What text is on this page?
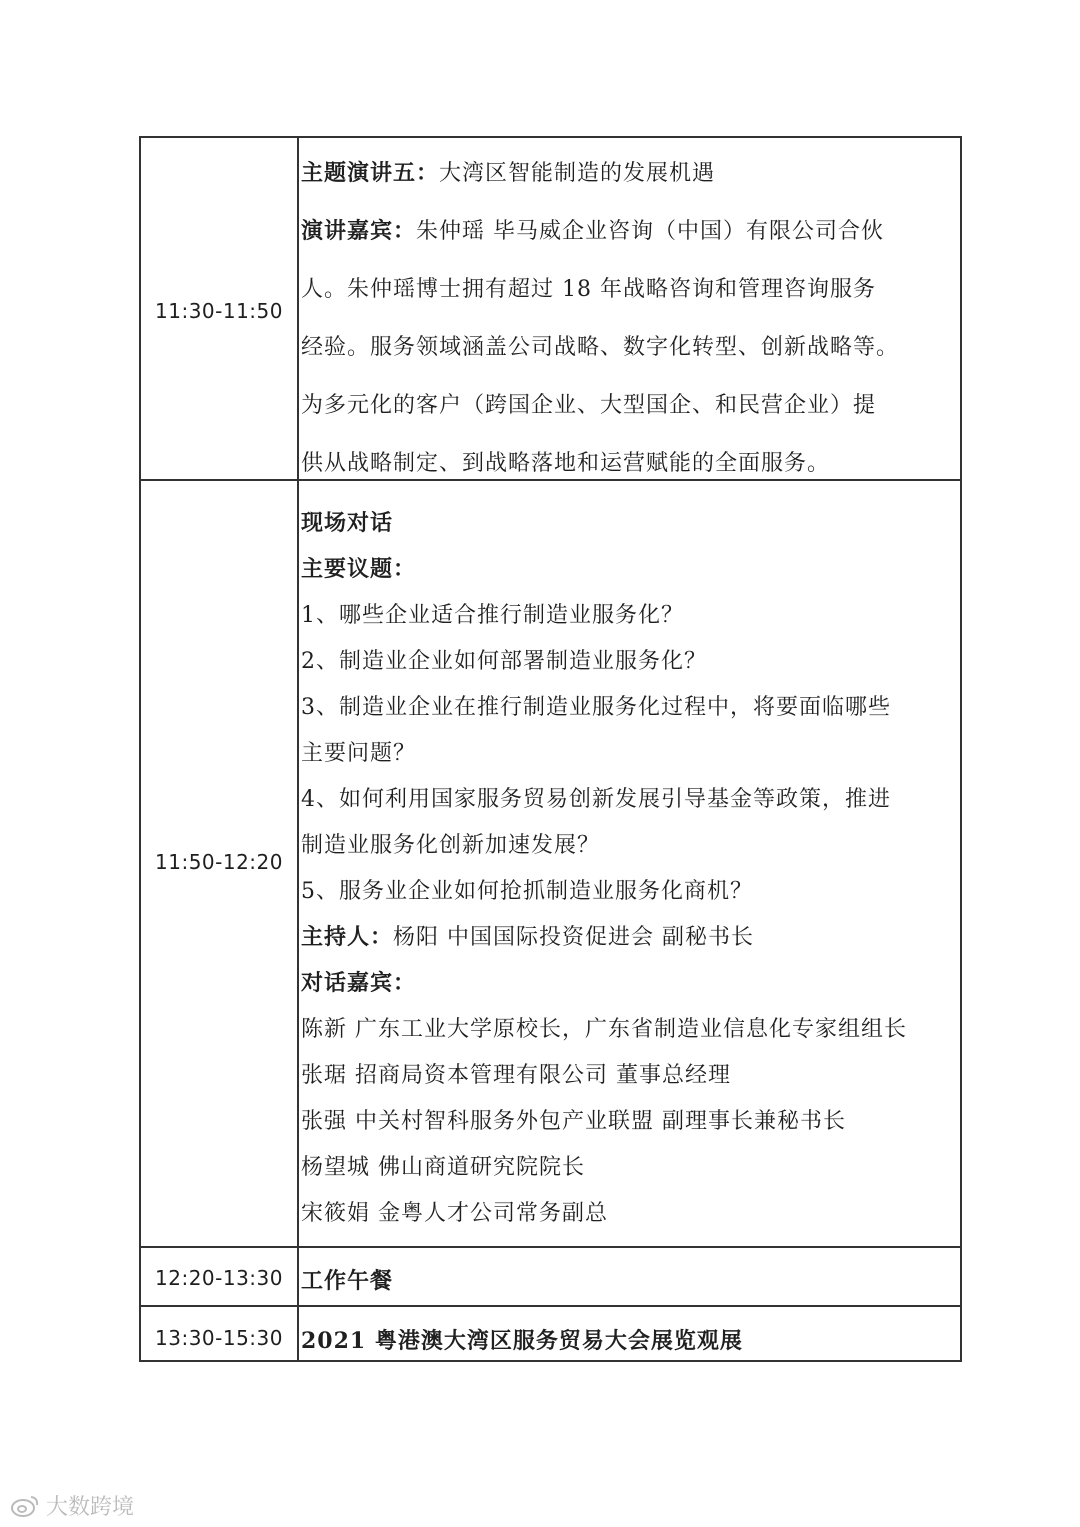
11:30-11:50
主题演讲五：大湾区智能制造的发展机遇
演讲嘉宾：朱仲瑶 毕马威企业咨询（中国）有限公司合伙
人。朱仲瑶博士拥有超过 18 年战略咨询和管理咨询服务
经验。服务领域涵盖公司战略、数字化转型、创新战略等。
为多元化的客户（跨国企业、大型国企、和民营企业）提
供从战略制定、到战略落地和运营赋能的全面服务。
11:50-12:20
现场对话
主要议题：
1、哪些企业适合推行制造业服务化？
2、制造业企业如何部署制造业服务化？
3、制造业企业在推行制造业服务化过程中，将要面临哪些
主要问题？
4、如何利用国家服务贸易创新发展引导基金等政策，推进
制造业服务化创新加速发展？
5、服务业企业如何抢抓制造业服务化商机？
主持人：杨阳 中国国际投资促进会 副秘书长
对话嘉宾：
陈新 广东工业大学原校长，广东省制造业信息化专家组组长
张琚 招商局资本管理有限公司 董事总经理
张强 中关村智科服务外包产业联盟 副理事长兼秘书长
杨望城 佛山商道研究院院长
宋筱娟 金粤人才公司常务副总
12:20-13:30 工作午餐
13:30-15:30 2021 粤港澳大湾区服务贸易大会展览观展
大数跨境
